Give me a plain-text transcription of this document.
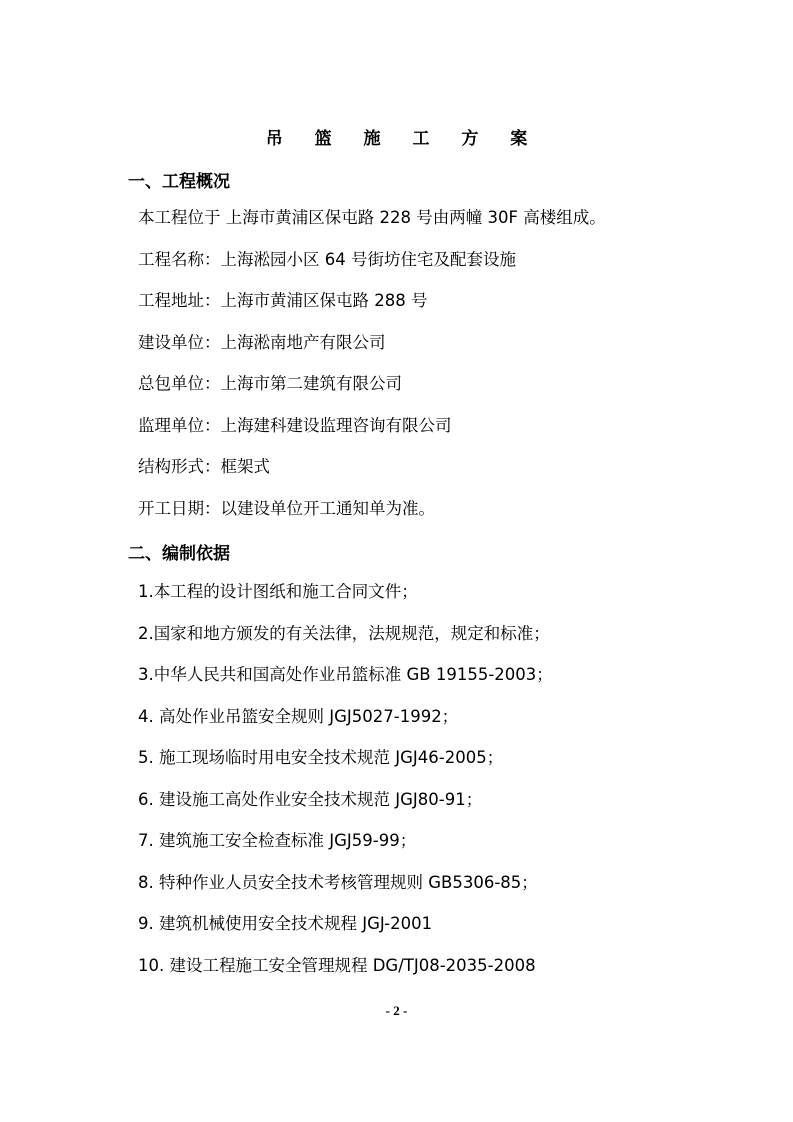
吊 篮 施 工 方 案
一、工程概况
本工程位于 上海市黄浦区保屯路 228 号由两幢 30F 高楼组成。
工程名称：上海淞园小区 64 号街坊住宅及配套设施
工程地址：上海市黄浦区保屯路 288 号
建设单位：上海淞南地产有限公司
总包单位：上海市第二建筑有限公司
监理单位：上海建科建设监理咨询有限公司
结构形式：框架式
开工日期：以建设单位开工通知单为准。
二、编制依据
1.本工程的设计图纸和施工合同文件；
2.国家和地方颁发的有关法律，法规规范，规定和标准；
3.中华人民共和国高处作业吊篮标准 GB 19155-2003；
4. 高处作业吊篮安全规则 JGJ5027-1992；
5. 施工现场临时用电安全技术规范 JGJ46-2005；
6. 建设施工高处作业安全技术规范 JGJ80-91；
7. 建筑施工安全检查标准 JGJ59-99；
8. 特种作业人员安全技术考核管理规则 GB5306-85；
9. 建筑机械使用安全技术规程 JGJ-2001
10. 建设工程施工安全管理规程 DG/TJ08-2035-2008
- 2 -
